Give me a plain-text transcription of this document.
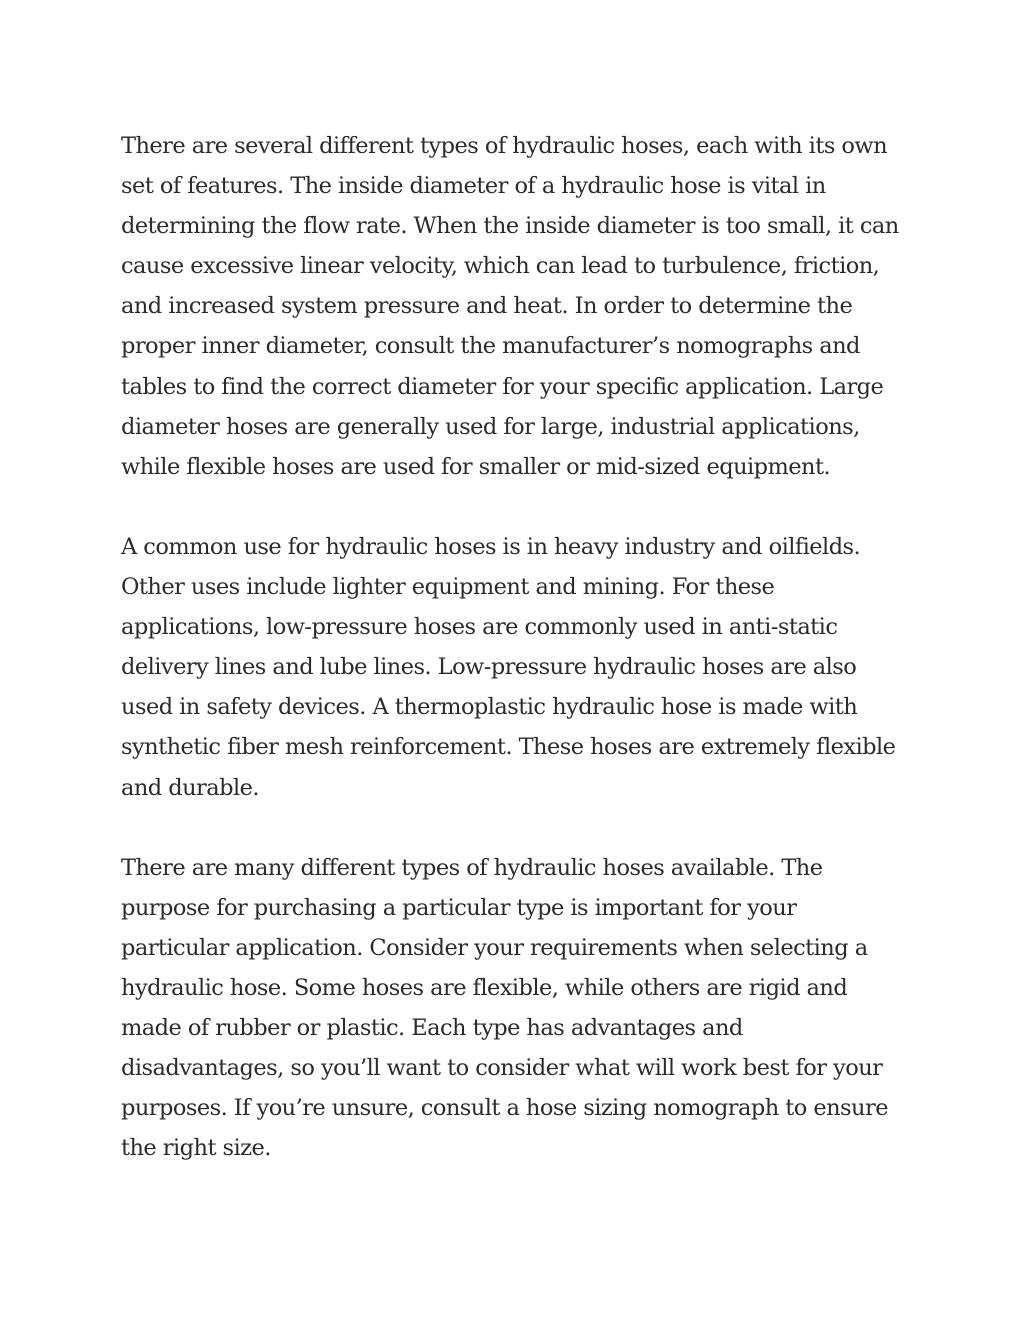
There are several different types of hydraulic hoses, each with its own
set of features. The inside diameter of a hydraulic hose is vital in
determining the flow rate. When the inside diameter is too small, it can
cause excessive linear velocity, which can lead to turbulence, friction,
and increased system pressure and heat. In order to determine the
proper inner diameter, consult the manufacturer’s nomographs and
tables to find the correct diameter for your specific application. Large
diameter hoses are generally used for large, industrial applications,
while flexible hoses are used for smaller or mid-sized equipment.

A common use for hydraulic hoses is in heavy industry and oilfields.
Other uses include lighter equipment and mining. For these
applications, low-pressure hoses are commonly used in anti-static
delivery lines and lube lines. Low-pressure hydraulic hoses are also
used in safety devices. A thermoplastic hydraulic hose is made with
synthetic fiber mesh reinforcement. These hoses are extremely flexible
and durable.

There are many different types of hydraulic hoses available. The
purpose for purchasing a particular type is important for your
particular application. Consider your requirements when selecting a
hydraulic hose. Some hoses are flexible, while others are rigid and
made of rubber or plastic. Each type has advantages and
disadvantages, so you’ll want to consider what will work best for your
purposes. If you’re unsure, consult a hose sizing nomograph to ensure
the right size.
